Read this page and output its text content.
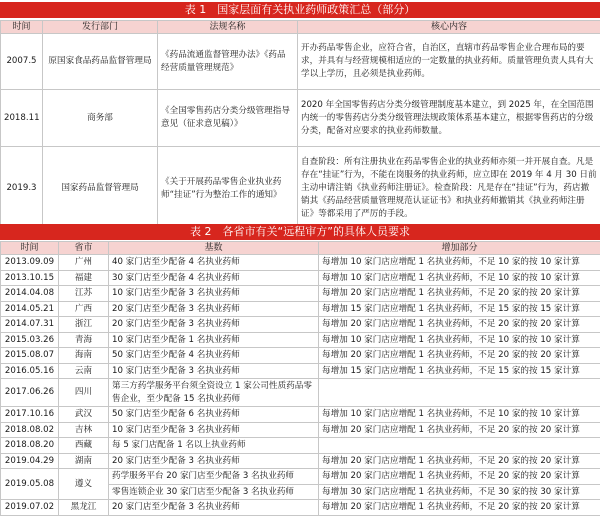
表 1　国家层面有关执业药师政策汇总（部分）
时间	发行部门	法规名称	核心内容
2007.5	原国家食品药品监督管理局	《药品流通监督管理办法》《药品经营质量管理规范》	开办药品零售企业，应符合省，自治区，直辖市药品零售企业合理布局的要求，并具有与经营规模相适应的一定数量的执业药师。质量管理负责人具有大学以上学历，且必须是执业药师。
2018.11	商务部	《全国零售药店分类分级管理指导意见（征求意见稿）》	2020 年全国零售药店分类分级管理制度基本建立，到 2025 年，在全国范围内统一的零售药店分类分级管理法规政策体系基本建立，根据零售药店的分级分类，配备对应要求的执业药师数量。
2019.3	国家药品监督管理局	《关于开展药品零售企业执业药师“挂证”行为整治工作的通知》	自查阶段：所有注册执业在药品零售企业的执业药师亦须一并开展自查。凡是存在“挂证”行为，不能在岗服务的执业药师，应立即在 2019 年 4 月 30 日前主动申请注销《执业药师注册证》。检查阶段：凡是存在“挂证”行为，药店撤销其《药品经营质量管理规范认证证书》和执业药师撤销其《执业药师注册证》等都采用了严厉的手段。
表 2　各省市有关“远程审方”的具体人员要求
时间	省市	基数	增加部分
2013.09.09	广州	40 家门店至少配备 4 名执业药师	每增加 10 家门店应增配 1 名执业药师，不足 10 家的按 10 家计算
2013.10.15	福建	30 家门店至少配备 4 名执业药师	每增加 10 家门店应增配 1 名执业药师，不足 10 家的按 10 家计算
2014.04.08	江苏	10 家门店至少配备 3 名执业药师	每增加 20 家门店应增配 1 名执业药师，不足 20 家的按 20 家计算
2014.05.21	广西	20 家门店至少配备 3 名执业药师	每增加 15 家门店应增配 1 名执业药师，不足 15 家的按 15 家计算
2014.07.31	浙江	20 家门店至少配备 3 名执业药师	每增加 20 家门店应增配 1 名执业药师，不足 20 家的按 20 家计算
2015.03.26	青海	10 家门店至少配备 1 名执业药师	每增加 10 家门店应增配 1 名执业药师，不足 10 家的按 10 家计算
2015.08.07	海南	50 家门店至少配备 4 名执业药师	每增加 20 家门店应增配 1 名执业药师，不足 20 家的按 20 家计算
2016.05.16	云南	10 家门店至少配备 3 名执业药师	每增加 15 家门店应增配 1 名执业药师，不足 15 家的按 15 家计算
2017.06.26	四川	第三方药学服务平台须全资设立 1 家公司性质药品零售企业，至少配备 15 名执业药师	
2017.10.16	武汉	50 家门店至少配备 6 名执业药师	每增加 10 家门店应增配 1 名执业药师，不足 10 家的按 10 家计算
2018.08.02	吉林	10 家门店至少配备 3 名执业药师	每增加 20 家门店应增配 1 名执业药师，不足 20 家的按 20 家计算
2018.08.20	西藏	每 5 家门店配备 1 名以上执业药师	
2019.04.29	湖南	20 家门店至少配备 3 名执业药师	每增加 20 家门店应增配 1 名执业药师，不足 20 家的按 20 家计算
2019.05.08	遵义	药学服务平台 20 家门店至少配备 3 名执业药师	每增加 20 家门店应增配 1 名执业药师，不足 20 家的按 20 家计算
		零售连锁企业 30 家门店至少配备 3 名执业药师	每增加 30 家门店应增配 1 名执业药师，不足 30 家的按 30 家计算
2019.07.02	黑龙江	20 家门店至少配备 3 名执业药师	每增加 20 家门店应增配 1 名执业药师，不足 20 家的按 20 家计算
